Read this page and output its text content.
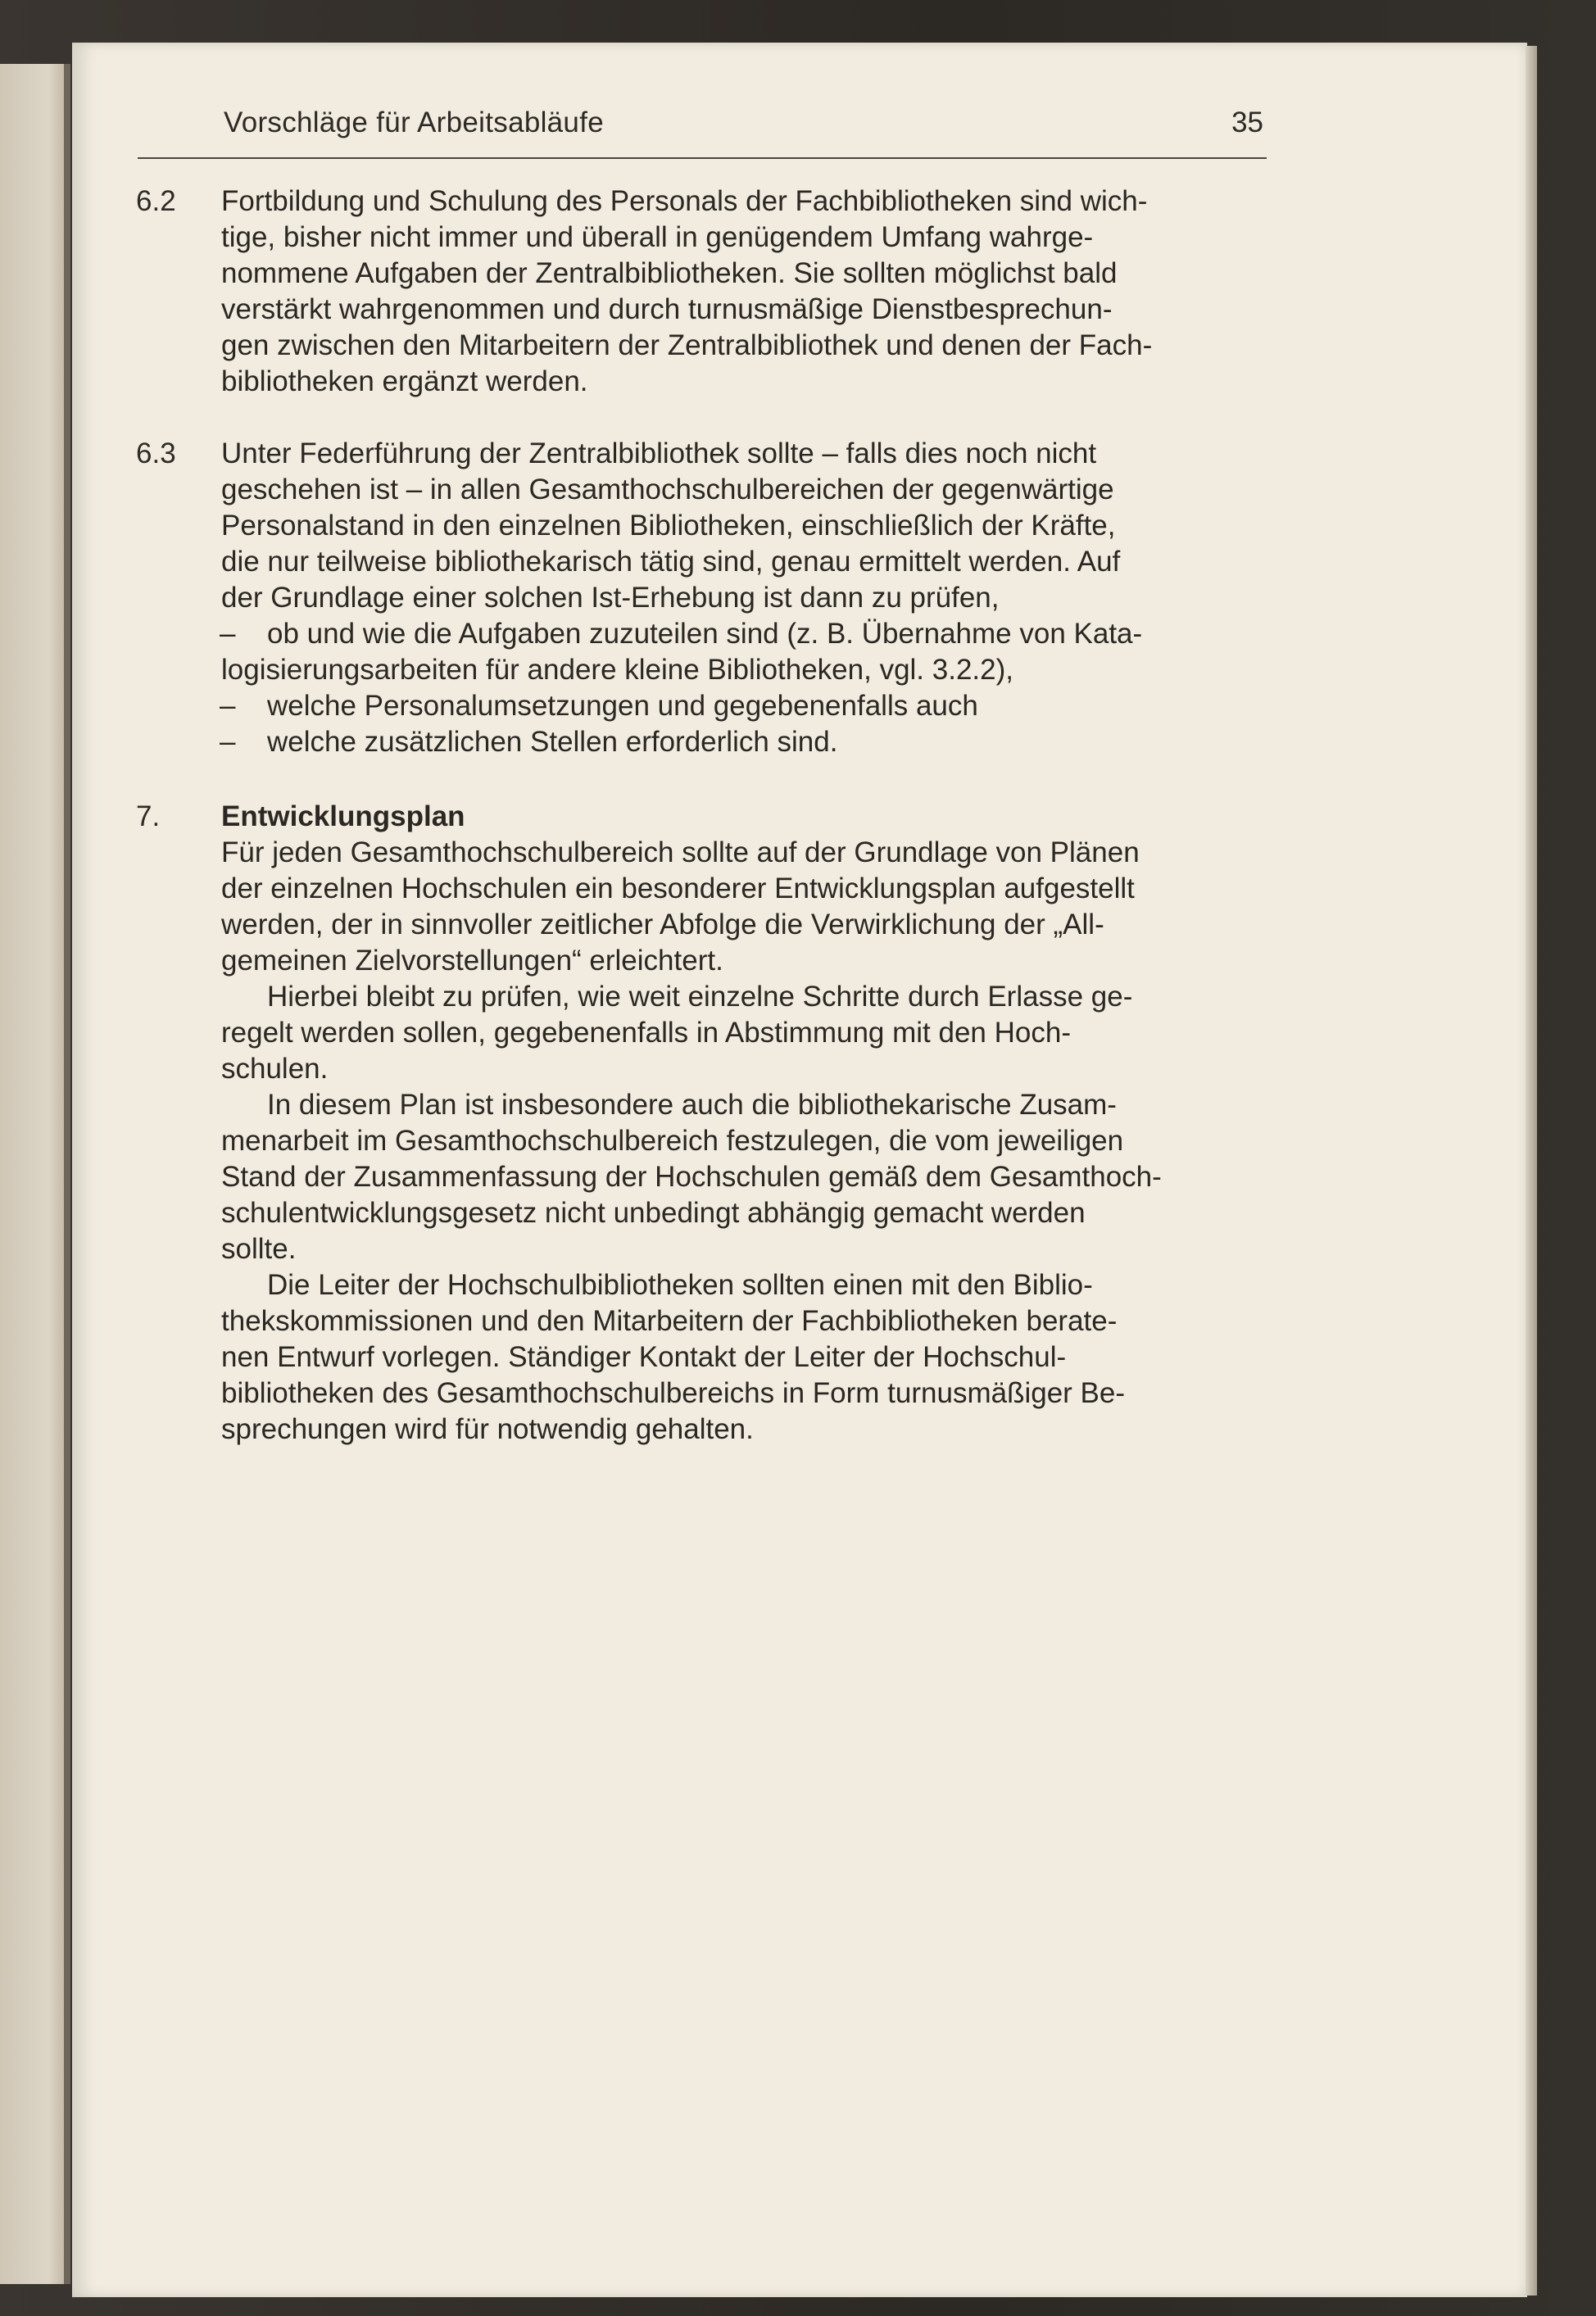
Vorschläge für Arbeitsabläufe	35
6.2 Fortbildung und Schulung des Personals der Fachbibliotheken sind wich-
tige, bisher nicht immer und überall in genügendem Umfang wahrge-
nommene Aufgaben der Zentralbibliotheken. Sie sollten möglichst bald
verstärkt wahrgenommen und durch turnusmäßige Dienstbesprechun-
gen zwischen den Mitarbeitern der Zentralbibliothek und denen der Fach-
bibliotheken ergänzt werden.
6.3 Unter Federführung der Zentralbibliothek sollte – falls dies noch nicht
geschehen ist – in allen Gesamthochschulbereichen der gegenwärtige
Personalstand in den einzelnen Bibliotheken, einschließlich der Kräfte,
die nur teilweise bibliothekarisch tätig sind, genau ermittelt werden. Auf
der Grundlage einer solchen Ist-Erhebung ist dann zu prüfen,
– ob und wie die Aufgaben zuzuteilen sind (z. B. Übernahme von Kata-
logisierungsarbeiten für andere kleine Bibliotheken, vgl. 3.2.2),
– welche Personalumsetzungen und gegebenenfalls auch
– welche zusätzlichen Stellen erforderlich sind.
7. Entwicklungsplan
Für jeden Gesamthochschulbereich sollte auf der Grundlage von Plänen
der einzelnen Hochschulen ein besonderer Entwicklungsplan aufgestellt
werden, der in sinnvoller zeitlicher Abfolge die Verwirklichung der „All-
gemeinen Zielvorstellungen“ erleichtert.
Hierbei bleibt zu prüfen, wie weit einzelne Schritte durch Erlasse ge-
regelt werden sollen, gegebenenfalls in Abstimmung mit den Hoch-
schulen.
In diesem Plan ist insbesondere auch die bibliothekarische Zusam-
menarbeit im Gesamthochschulbereich festzulegen, die vom jeweiligen
Stand der Zusammenfassung der Hochschulen gemäß dem Gesamthoch-
schulentwicklungsgesetz nicht unbedingt abhängig gemacht werden
sollte.
Die Leiter der Hochschulbibliotheken sollten einen mit den Biblio-
thekskommissionen und den Mitarbeitern der Fachbibliotheken berate-
nen Entwurf vorlegen. Ständiger Kontakt der Leiter der Hochschul-
bibliotheken des Gesamthochschulbereichs in Form turnusmäßiger Be-
sprechungen wird für notwendig gehalten.
